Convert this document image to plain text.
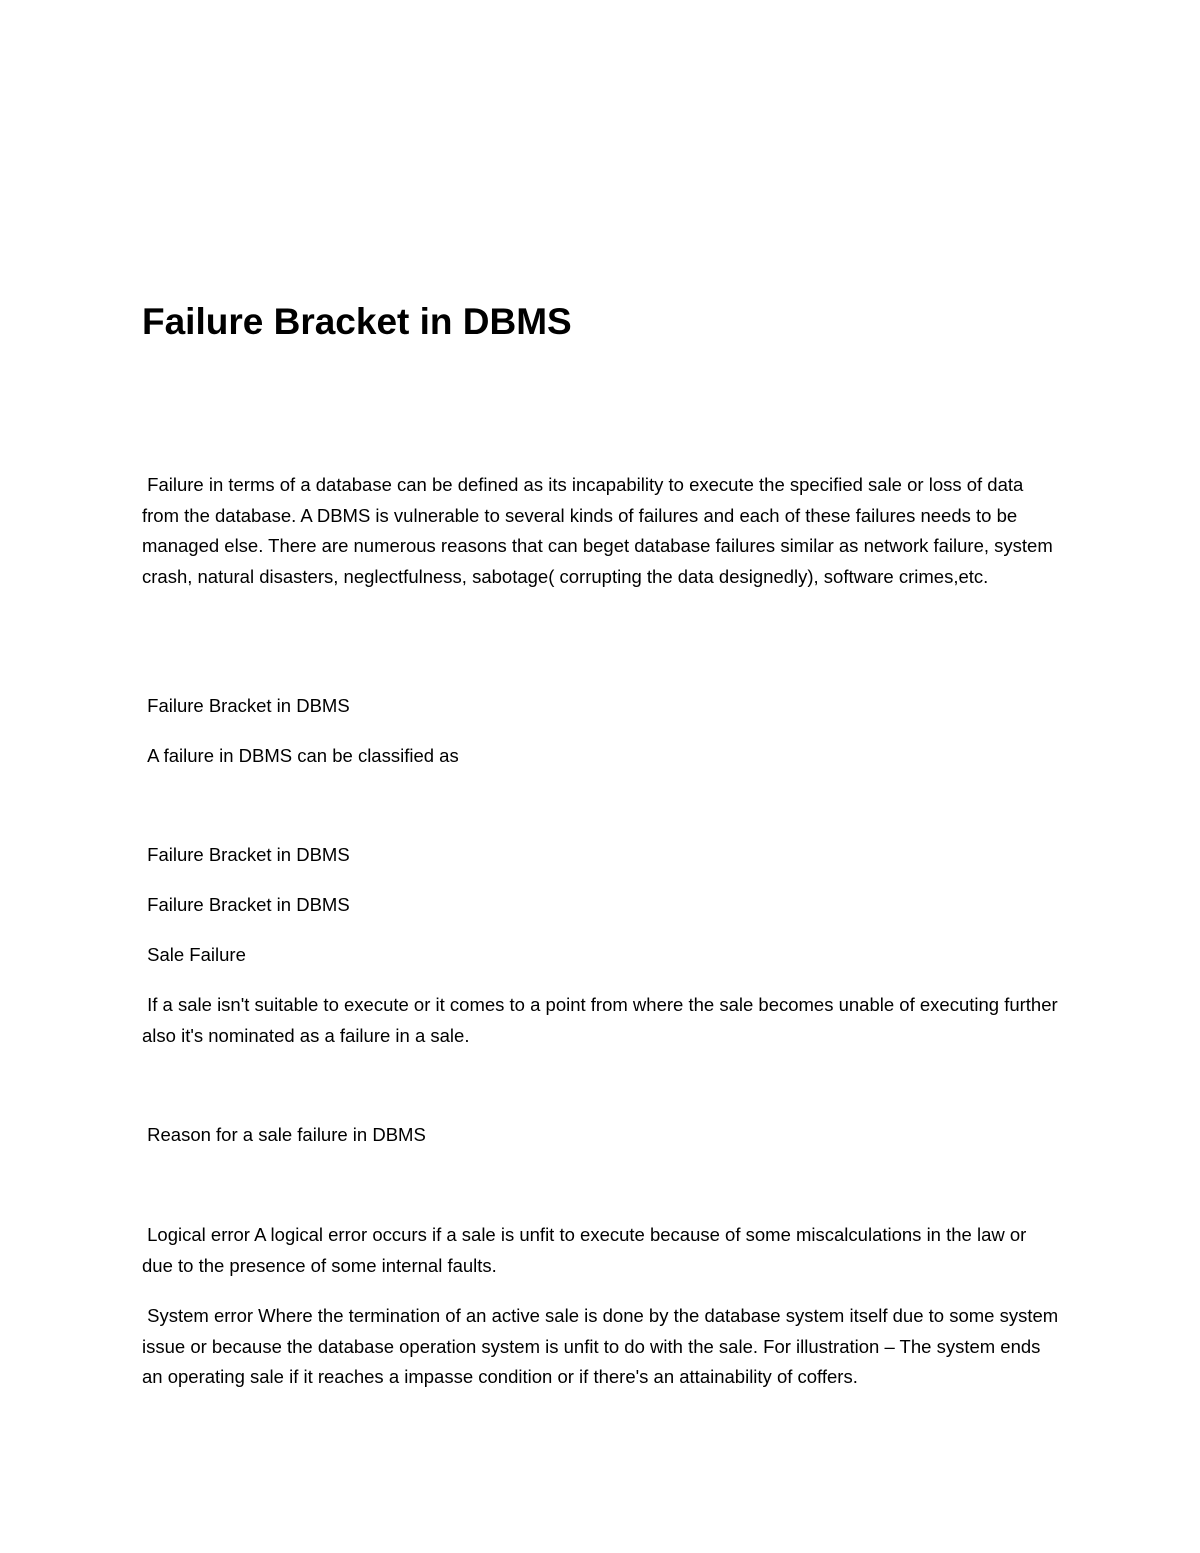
Failure Bracket in DBMS

Failure in terms of a database can be defined as its incapability to execute the specified sale or loss of data from the database. A DBMS is vulnerable to several kinds of failures and each of these failures needs to be managed else. There are numerous reasons that can beget database failures similar as network failure, system crash, natural disasters, neglectfulness, sabotage( corrupting the data designedly), software crimes,etc.

Failure Bracket in DBMS

A failure in DBMS can be classified as

Failure Bracket in DBMS

Failure Bracket in DBMS

Sale Failure

If a sale isn't suitable to execute or it comes to a point from where the sale becomes unable of executing further also it's nominated as a failure in a sale.

Reason for a sale failure in DBMS

Logical error A logical error occurs if a sale is unfit to execute because of some miscalculations in the law or due to the presence of some internal faults.

System error Where the termination of an active sale is done by the database system itself due to some system issue or because the database operation system is unfit to do with the sale. For illustration – The system ends an operating sale if it reaches a impasse condition or if there's an attainability of coffers.
